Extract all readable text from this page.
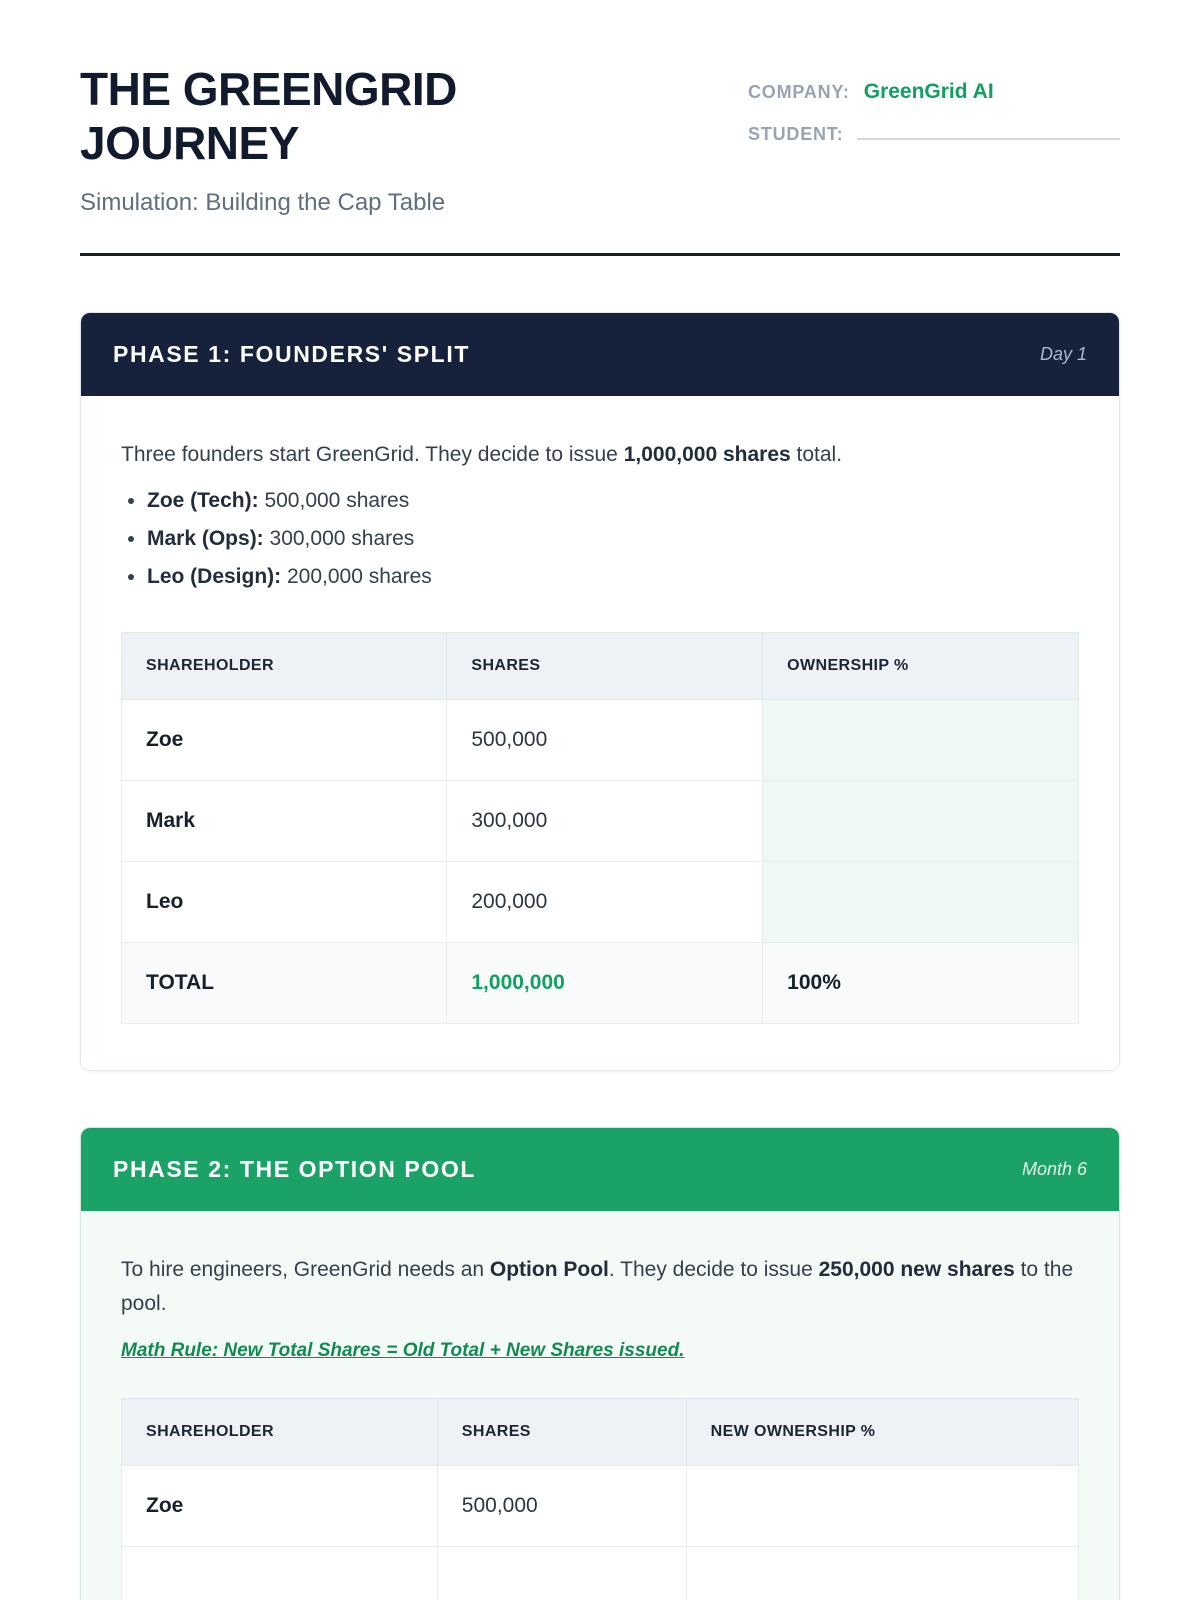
THE GREENGRID
JOURNEY
COMPANY: GreenGrid AI
STUDENT:
Simulation: Building the Cap Table
PHASE 1: FOUNDERS' SPLIT	Day 1

Three founders start GreenGrid. They decide to issue 1,000,000 shares total.

• Zoe (Tech): 500,000 shares
• Mark (Ops): 300,000 shares
• Leo (Design): 200,000 shares
SHAREHOLDER	SHARES	OWNERSHIP %
Zoe	500,000	
Mark	300,000	
Leo	200,000	
TOTAL	1,000,000	100%
PHASE 2: THE OPTION POOL	Month 6

To hire engineers, GreenGrid needs an Option Pool. They decide to issue 250,000 new shares to the pool.

Math Rule: New Total Shares = Old Total + New Shares issued.
SHAREHOLDER	SHARES	NEW OWNERSHIP %
Zoe	500,000	
